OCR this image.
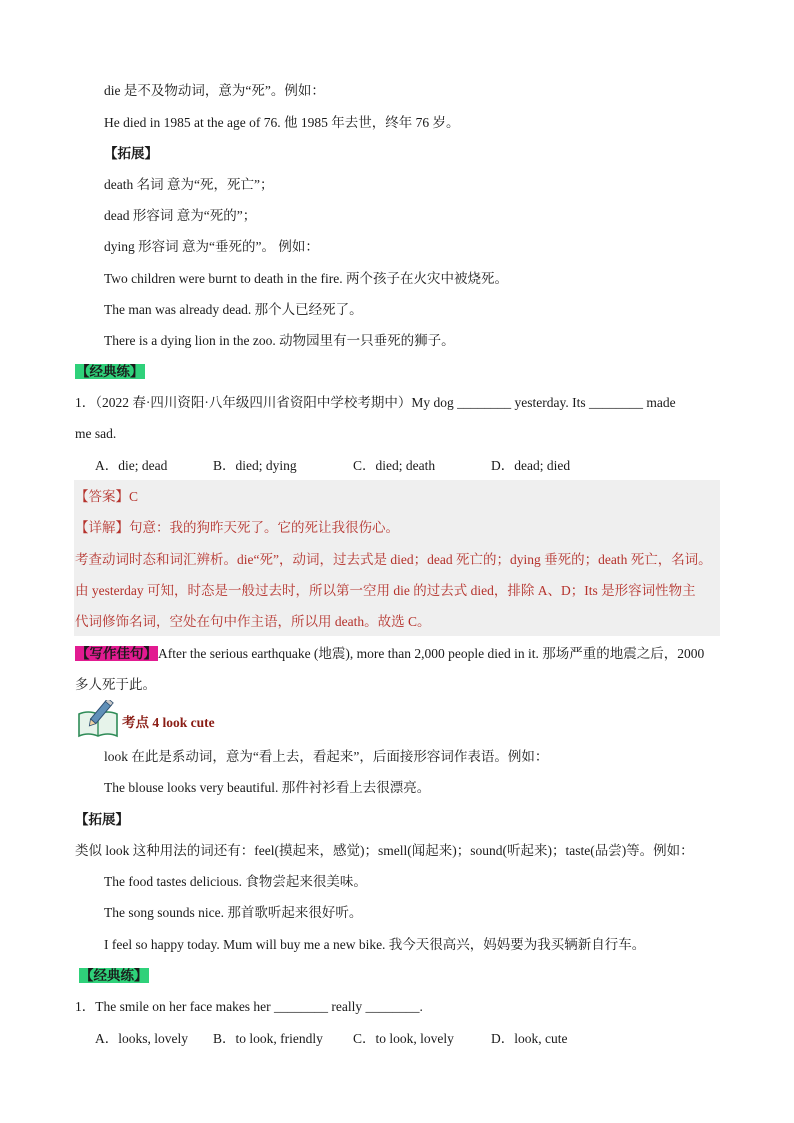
die 是不及物动词，意为“死”。例如：
He died in 1985 at the age of 76. 他 1985 年去世，终年 76 岁。
【拓展】
death 名词 意为“死，死亡”；
dead 形容词 意为“死的”；
dying 形容词 意为“垂死的”。 例如：
Two children were burnt to death in the fire. 两个孩子在火灾中被烧死。
The man was already dead. 那个人已经死了。
There is a dying lion in the zoo. 动物园里有一只垂死的狮子。
【经典练】
1．（2022 春·四川资阳·八年级四川省资阳中学校考期中）My dog ________ yesterday. Its ________ made
me sad.
A．die; dead	B．died; dying	C．died; death	D．dead; died
【答案】C
【详解】句意：我的狗昨天死了。它的死让我很伤心。
考查动词时态和词汇辨析。die“死”，动词，过去式是 died；dead 死亡的；dying 垂死的；death 死亡，名词。
由 yesterday 可知，时态是一般过去时，所以第一空用 die 的过去式 died，排除 A、D；Its 是形容词性物主
代词修饰名词，空处在句中作主语，所以用 death。故选 C。
【写作佳句】After the serious earthquake (地震), more than 2,000 people died in it. 那场严重的地震之后，2000
多人死于此。
考点 4 look cute
look 在此是系动词，意为“看上去，看起来”，后面接形容词作表语。例如：
The blouse looks very beautiful. 那件衬衫看上去很漂亮。
【拓展】
类似 look 这种用法的词还有：feel(摸起来，感觉)；smell(闻起来)；sound(听起来)；taste(品尝)等。例如：
The food tastes delicious. 食物尝起来很美味。
The song sounds nice. 那首歌听起来很好听。
I feel so happy today. Mum will buy me a new bike. 我今天很高兴，妈妈要为我买辆新自行车。
【经典练】
1．The smile on her face makes her ________ really ________.
A．looks, lovely B．to look, friendly C．to look, lovely	D．look, cute
